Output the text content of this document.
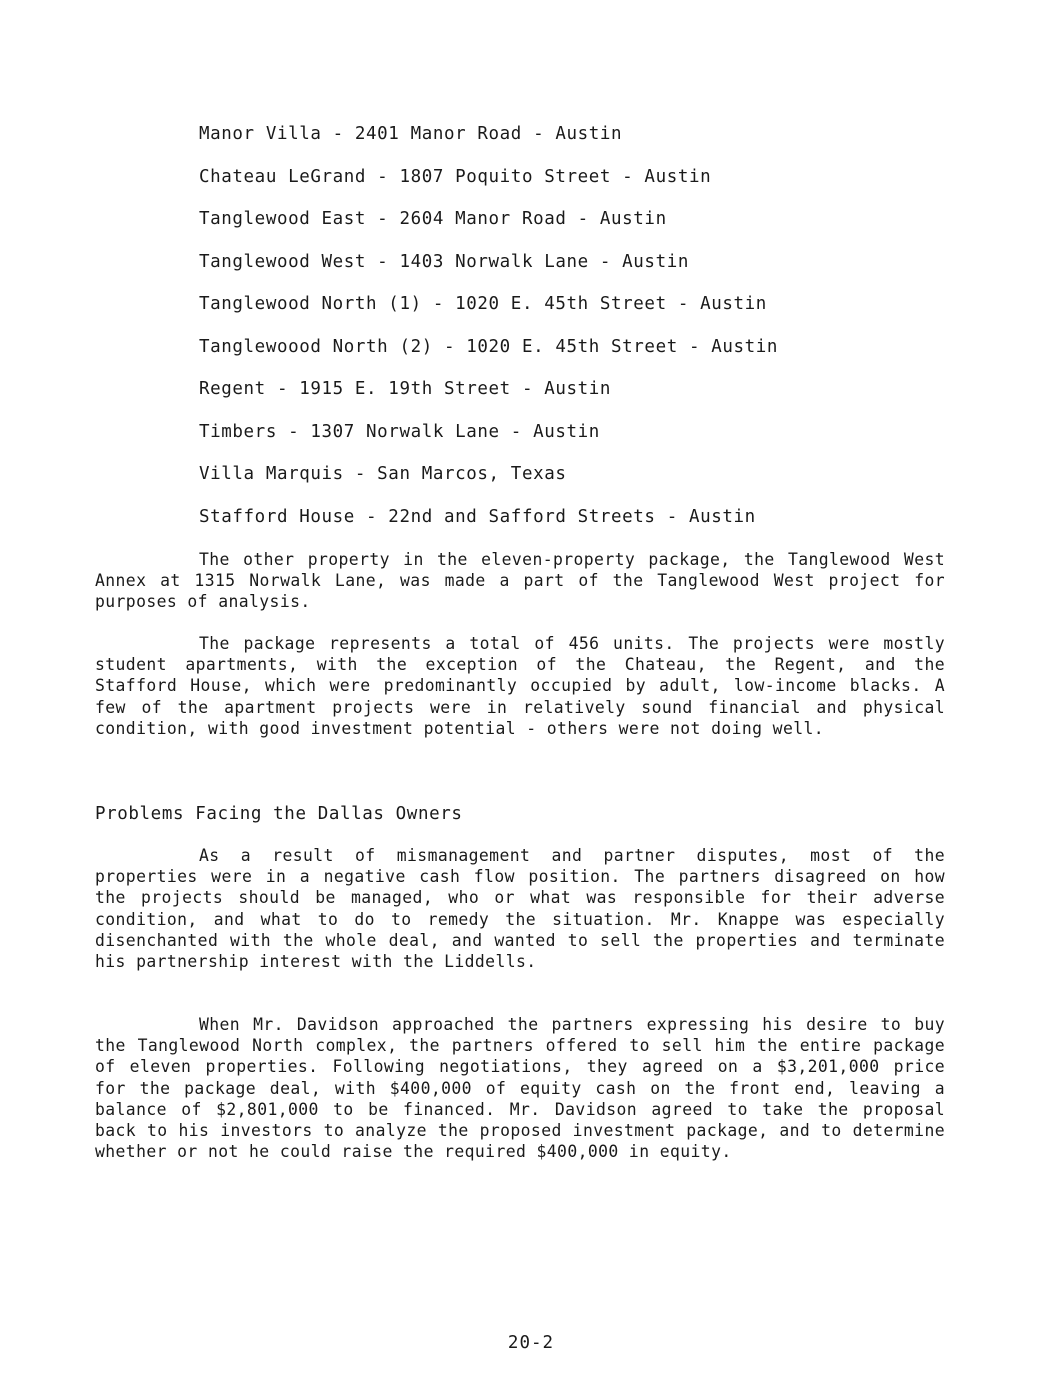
Manor Villa - 2401 Manor Road - Austin
Chateau LeGrand - 1807 Poquito Street - Austin
Tanglewood East - 2604 Manor Road - Austin
Tanglewood West - 1403 Norwalk Lane - Austin
Tanglewood North (1) - 1020 E. 45th Street - Austin
Tanglewoood North (2) - 1020 E. 45th Street - Austin
Regent - 1915 E. 19th Street - Austin
Timbers - 1307 Norwalk Lane - Austin
Villa Marquis - San Marcos, Texas
Stafford House - 22nd and Safford Streets - Austin

The other property in the eleven-property package, the Tanglewood West Annex at 1315 Norwalk Lane, was made a part of the Tanglewood West project for purposes of analysis.

The package represents a total of 456 units. The projects were mostly student apartments, with the exception of the Chateau, the Regent, and the Stafford House, which were predominantly occupied by adult, low-income blacks. A few of the apartment projects were in relatively sound financial and physical condition, with good investment potential - others were not doing well.

Problems Facing the Dallas Owners

As a result of mismanagement and partner disputes, most of the properties were in a negative cash flow position. The partners disagreed on how the projects should be managed, who or what was responsible for their adverse condition, and what to do to remedy the situation. Mr. Knappe was especially disenchanted with the whole deal, and wanted to sell the properties and terminate his partnership interest with the Liddells.

When Mr. Davidson approached the partners expressing his desire to buy the Tanglewood North complex, the partners offered to sell him the entire package of eleven properties. Following negotiations, they agreed on a $3,201,000 price for the package deal, with $400,000 of equity cash on the front end, leaving a balance of $2,801,000 to be financed. Mr. Davidson agreed to take the proposal back to his investors to analyze the proposed investment package, and to determine whether or not he could raise the required $400,000 in equity.

20-2
